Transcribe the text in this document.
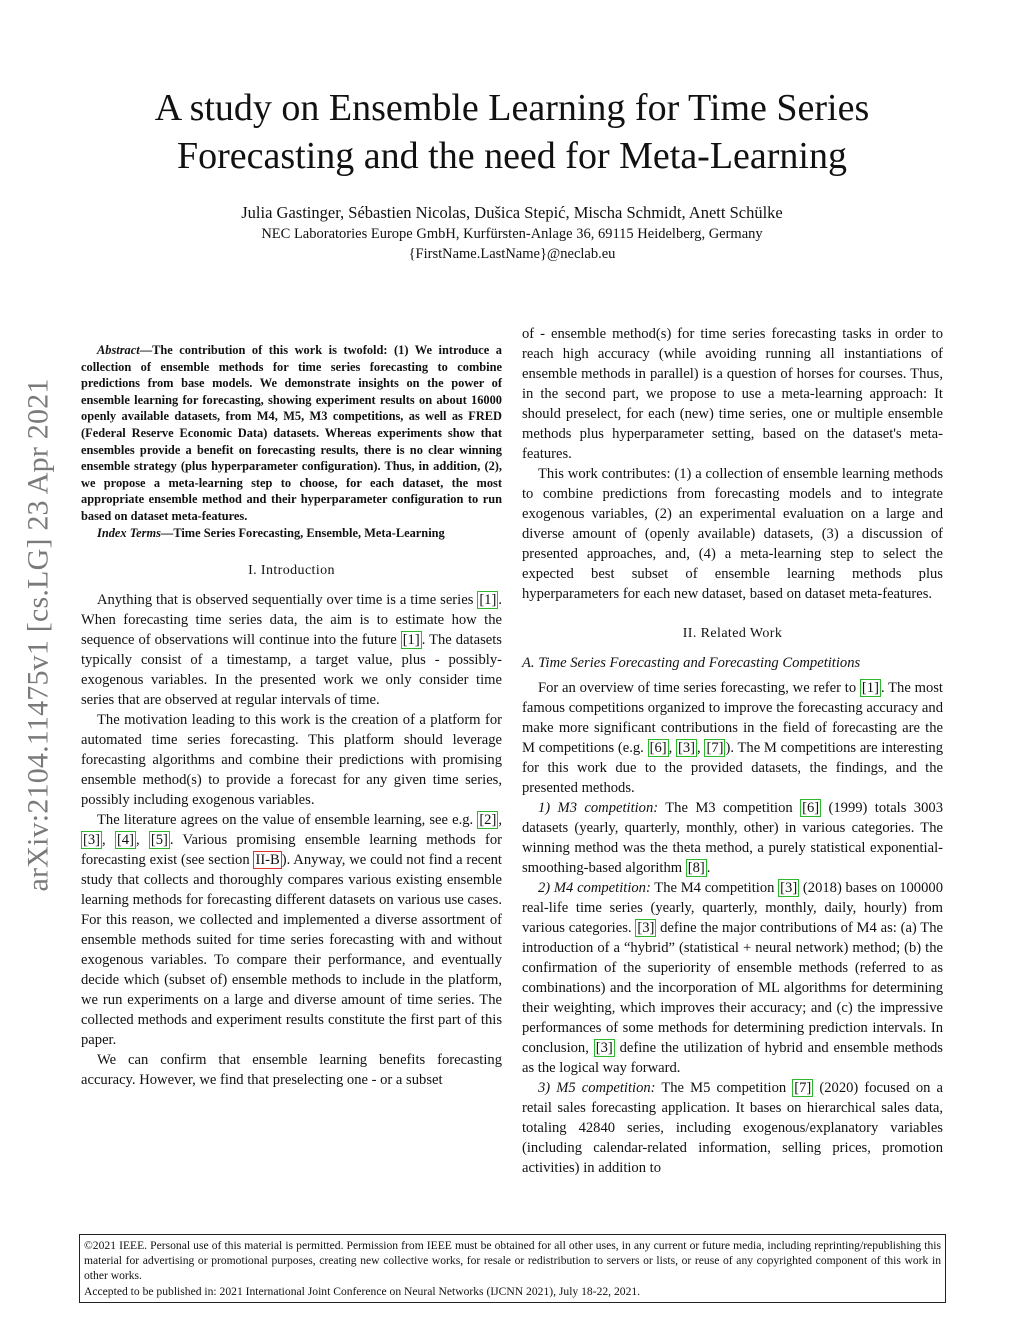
arXiv:2104.11475v1 [cs.LG] 23 Apr 2021
A study on Ensemble Learning for Time Series
Forecasting and the need for Meta-Learning
Julia Gastinger, Sébastien Nicolas, Dušica Stepić, Mischa Schmidt, Anett Schülke
NEC Laboratories Europe GmbH, Kurfürsten-Anlage 36, 69115 Heidelberg, Germany
{FirstName.LastName}@neclab.eu

Abstract—The contribution of this work is twofold: (1) We introduce a collection of ensemble methods for time series forecasting to combine predictions from base models. We demonstrate insights on the power of ensemble learning for forecasting, showing experiment results on about 16000 openly available datasets, from M4, M5, M3 competitions, as well as FRED (Federal Reserve Economic Data) datasets. Whereas experiments show that ensembles provide a benefit on forecasting results, there is no clear winning ensemble strategy (plus hyperparameter configuration). Thus, in addition, (2), we propose a meta-learning step to choose, for each dataset, the most appropriate ensemble method and their hyperparameter configuration to run based on dataset meta-features.

Index Terms—Time Series Forecasting, Ensemble, Meta-Learning

I. Introduction

Anything that is observed sequentially over time is a time series [1] . When forecasting time series data, the aim is to estimate how the sequence of observations will continue into the future [1] . The datasets typically consist of a timestamp, a target value, plus - possibly- exogenous variables. In the presented work we only consider time series that are observed at regular intervals of time.

The motivation leading to this work is the creation of a platform for automated time series forecasting. This platform should leverage forecasting algorithms and combine their predictions with promising ensemble method(s) to provide a forecast for any given time series, possibly including exogenous variables.

The literature agrees on the value of ensemble learning, see e.g. [2] , [3] , [4] , [5] . Various promising ensemble learning methods for forecasting exist (see section II-B ). Anyway, we could not find a recent study that collects and thoroughly compares various existing ensemble learning methods for forecasting different datasets on various use cases. For this reason, we collected and implemented a diverse assortment of ensemble methods suited for time series forecasting with and without exogenous variables. To compare their performance, and eventually decide which (subset of) ensemble methods to include in the platform, we run experiments on a large and diverse amount of time series. The collected methods and experiment results constitute the first part of this paper.

We can confirm that ensemble learning benefits forecasting accuracy. However, we find that preselecting one - or a subset

of - ensemble method(s) for time series forecasting tasks in order to reach high accuracy (while avoiding running all instantiations of ensemble methods in parallel) is a question of horses for courses. Thus, in the second part, we propose to use a meta-learning approach: It should preselect, for each (new) time series, one or multiple ensemble methods plus hyperparameter setting, based on the dataset's meta-features.

This work contributes: (1) a collection of ensemble learning methods to combine predictions from forecasting models and to integrate exogenous variables, (2) an experimental evaluation on a large and diverse amount of (openly available) datasets, (3) a discussion of presented approaches, and, (4) a meta-learning step to select the expected best subset of ensemble learning methods plus hyperparameters for each new dataset, based on dataset meta-features.

II. Related Work

A. Time Series Forecasting and Forecasting Competitions

For an overview of time series forecasting, we refer to [1] . The most famous competitions organized to improve the forecasting accuracy and make more significant contributions in the field of forecasting are the M competitions (e.g. [6] , [3] , [7] ). The M competitions are interesting for this work due to the provided datasets, the findings, and the presented methods.

1) M3 competition: The M3 competition [6] (1999) totals 3003 datasets (yearly, quarterly, monthly, other) in various categories. The winning method was the theta method, a purely statistical exponential-smoothing-based algorithm [8] .

2) M4 competition: The M4 competition [3] (2018) bases on 100000 real-life time series (yearly, quarterly, monthly, daily, hourly) from various categories. [3] define the major contributions of M4 as: (a) The introduction of a “hybrid” (statistical + neural network) method; (b) the confirmation of the superiority of ensemble methods (referred to as combinations) and the incorporation of ML algorithms for determining their weighting, which improves their accuracy; and (c) the impressive performances of some methods for determining prediction intervals. In conclusion, [3] define the utilization of hybrid and ensemble methods as the logical way forward.

3) M5 competition: The M5 competition [7] (2020) focused on a retail sales forecasting application. It bases on hierarchical sales data, totaling 42840 series, including exogenous/explanatory variables (including calendar-related information, selling prices, promotion activities) in addition to

©2021 IEEE. Personal use of this material is permitted. Permission from IEEE must be obtained for all other uses, in any current or future media, including reprinting/republishing this material for advertising or promotional purposes, creating new collective works, for resale or redistribution to servers or lists, or reuse of any copyrighted component of this work in other works.

Accepted to be published in: 2021 International Joint Conference on Neural Networks (IJCNN 2021), July 18-22, 2021.
